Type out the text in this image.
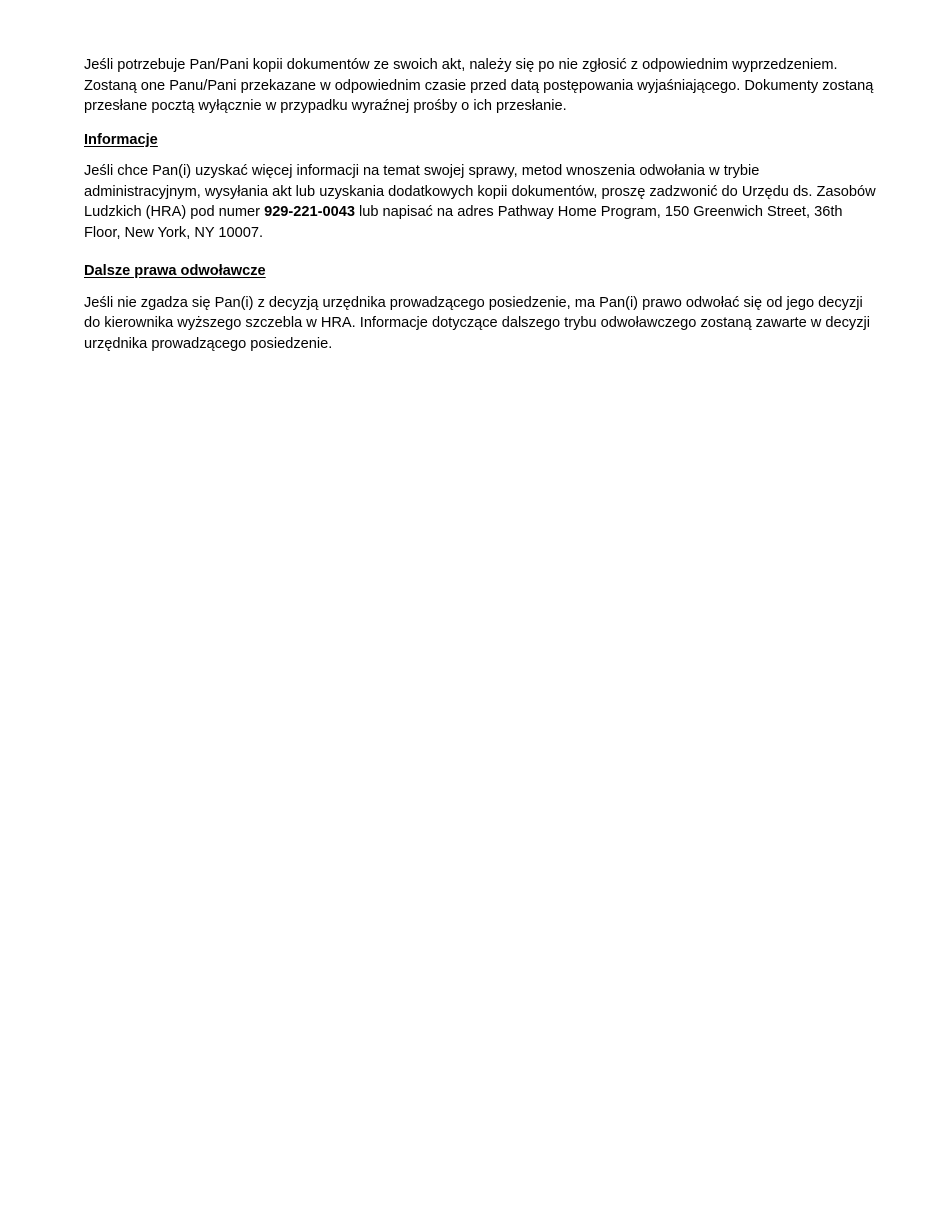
Jeśli potrzebuje Pan/Pani kopii dokumentów ze swoich akt, należy się po nie zgłosić z odpowiednim wyprzedzeniem. Zostaną one Panu/Pani przekazane w odpowiednim czasie przed datą postępowania wyjaśniającego. Dokumenty zostaną przesłane pocztą wyłącznie w przypadku wyraźnej prośby o ich przesłanie.

Informacje

Jeśli chce Pan(i) uzyskać więcej informacji na temat swojej sprawy, metod wnoszenia odwołania w trybie administracyjnym, wysyłania akt lub uzyskania dodatkowych kopii dokumentów, proszę zadzwonić do Urzędu ds. Zasobów Ludzkich (HRA) pod numer 929-221-0043 lub napisać na adres Pathway Home Program, 150 Greenwich Street, 36th Floor, New York, NY 10007.

Dalsze prawa odwoławcze

Jeśli nie zgadza się Pan(i) z decyzją urzędnika prowadzącego posiedzenie, ma Pan(i) prawo odwołać się od jego decyzji do kierownika wyższego szczebla w HRA. Informacje dotyczące dalszego trybu odwoławczego zostaną zawarte w decyzji urzędnika prowadzącego posiedzenie.
